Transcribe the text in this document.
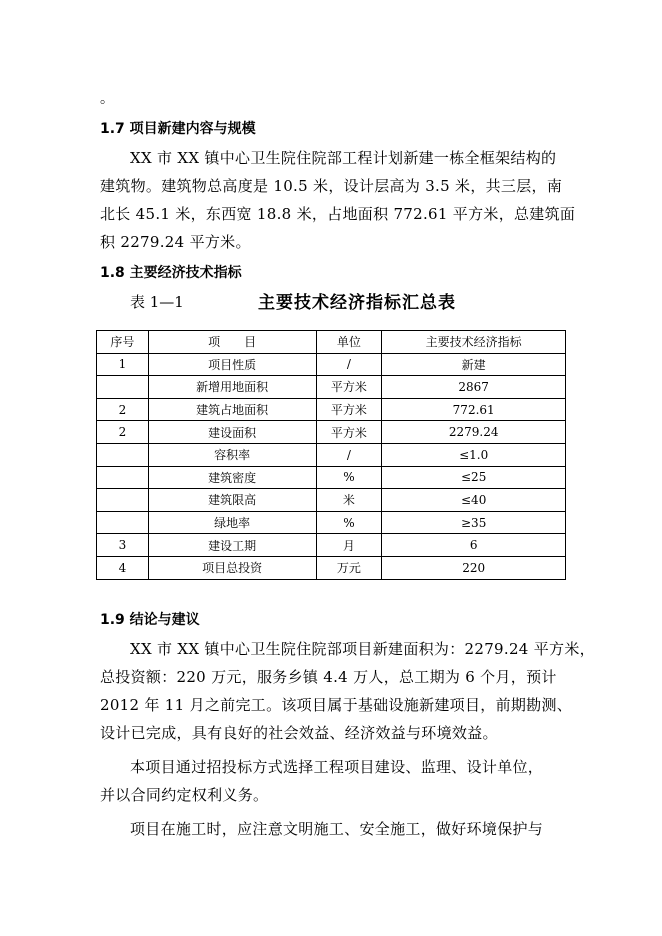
。
1.7 项目新建内容与规模
XX 市 XX 镇中心卫生院住院部工程计划新建一栋全框架结构的
建筑物。建筑物总高度是 10.5 米，设计层高为 3.5 米，共三层，南
北长 45.1 米，东西宽 18.8 米，占地面积 772.61 平方米，总建筑面
积 2279.24 平方米。
1.8 主要经济技术指标
表 1—1	主要技术经济指标汇总表
序号	项　　目	单位	主要技术经济指标
1	项目性质	/	新建
	新增用地面积	平方米	2867
2	建筑占地面积	平方米	772.61
2	建设面积	平方米	2279.24
	容积率	/	≤1.0
	建筑密度	%	≤25
	建筑限高	米	≤40
	绿地率	%	≥35
3	建设工期	月	6
4	项目总投资	万元	220
1.9 结论与建议
XX 市 XX 镇中心卫生院住院部项目新建面积为：2279.24 平方米，
总投资额：220 万元，服务乡镇 4.4 万人，总工期为 6 个月，预计
2012 年 11 月之前完工。该项目属于基础设施新建项目，前期勘测、
设计已完成，具有良好的社会效益、经济效益与环境效益。
本项目通过招投标方式选择工程项目建设、监理、设计单位，
并以合同约定权利义务。
项目在施工时，应注意文明施工、安全施工，做好环境保护与
